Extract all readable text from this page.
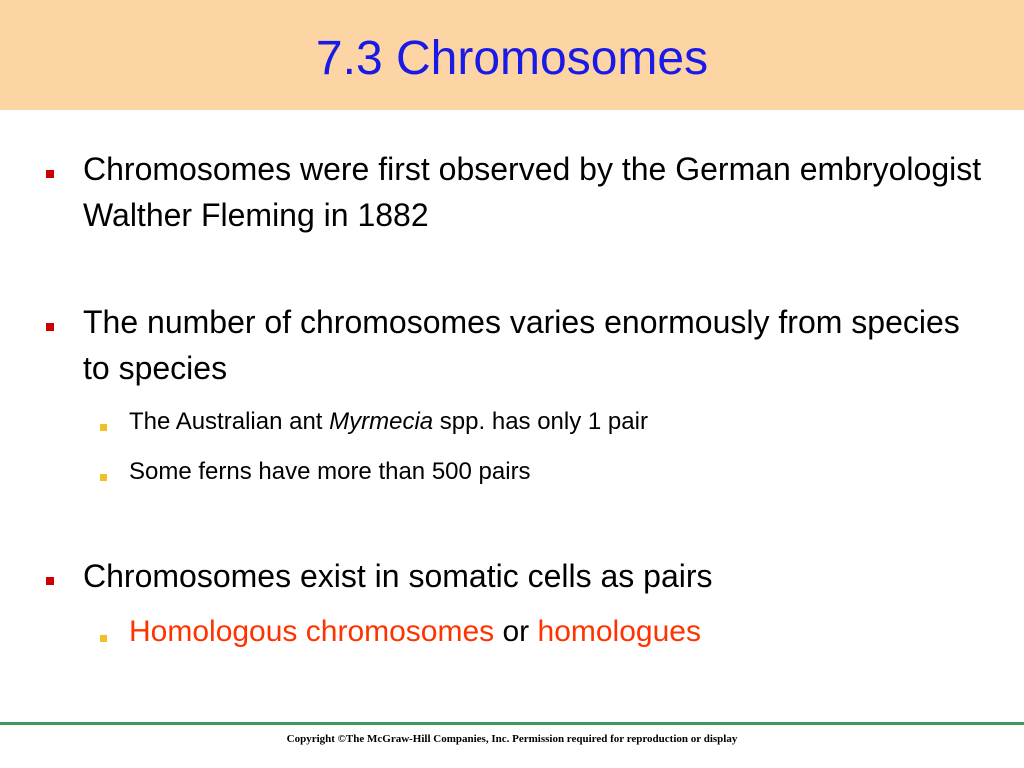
7.3 Chromosomes
Chromosomes were first observed by the German embryologist Walther Fleming in 1882
The number of chromosomes varies enormously from species to species
The Australian ant Myrmecia spp. has only 1 pair
Some ferns have more than 500 pairs
Chromosomes exist in somatic cells as pairs
Homologous chromosomes or homologues
Copyright ©The McGraw-Hill Companies, Inc. Permission required for reproduction or display
